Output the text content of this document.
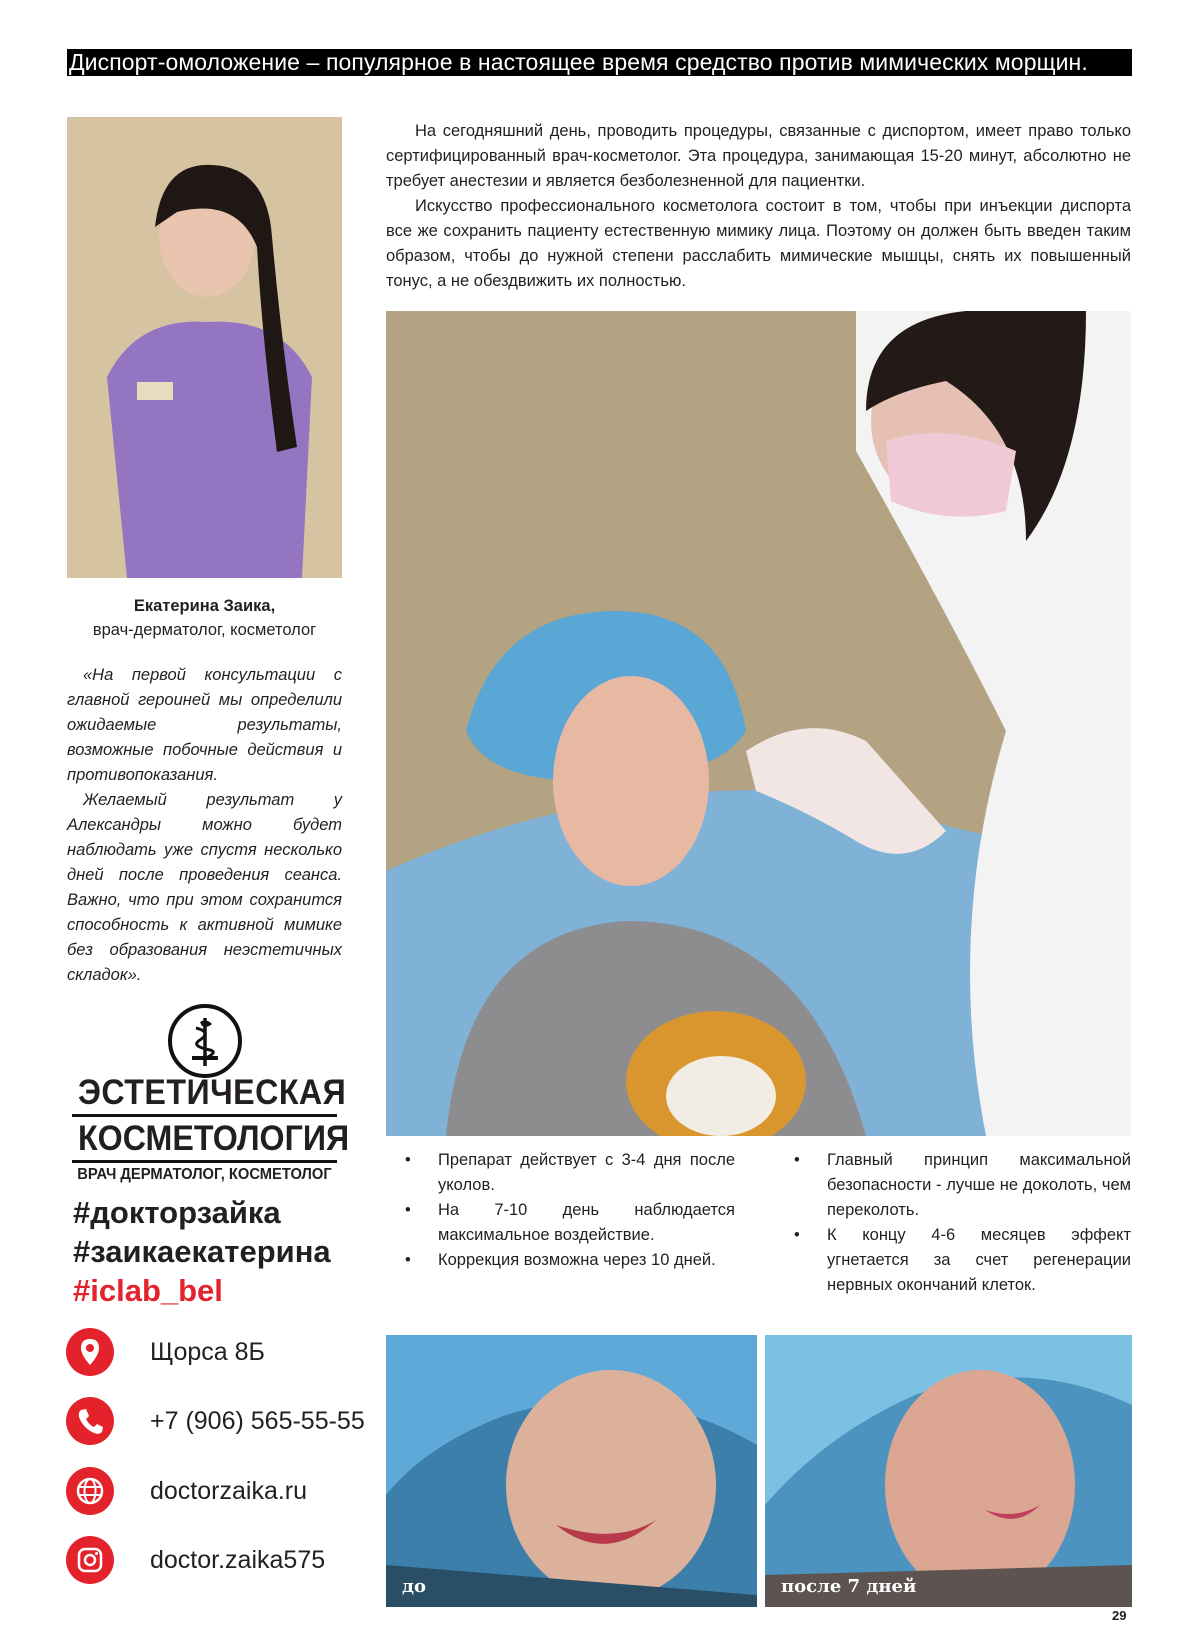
Диспорт-омоложение – популярное в настоящее время средство против мимических морщин.
Екатерина Заика,
врач-дерматолог, косметолог

«На первой консультации с главной героиней мы определили ожидаемые результаты, возможные побочные действия и противопоказания.

Желаемый результат у Александры можно будет наблюдать уже спустя несколько дней после проведения сеанса. Важно, что при этом сохранится способность к активной мимике без образования неэстетичных складок».

ЭСТЕТИЧЕСКАЯ
КОСМЕТОЛОГИЯ
ВРАЧ ДЕРМАТОЛОГ, КОСМЕТОЛОГ
#докторзайка
#заикаекатерина
#iclab_bel
Щорса 8Б
+7 (906) 565-55-55
doctorzaika.ru
doctor.zaika575

На сегодняшний день, проводить процедуры, связанные с диспортом, имеет право только сертифицированный врач-косметолог. Эта процедура, занимающая 15-20 минут, абсолютно не требует анестезии и является безболезненной для пациентки.

Искусство профессионального косметолога состоит в том, чтобы при инъекции диспорта все же сохранить пациенту естественную мимику лица. Поэтому он должен быть введен таким образом, чтобы до нужной степени расслабить мимические мышцы, снять их повышенный тонус, а не обездвижить их полностью.

• Препарат действует с 3-4 дня после уколов.
• На 7-10 день наблюдается максимальное воздействие.
• Коррекция возможна через 10 дней.
• Главный принцип максимальной безопасности - лучше не доколоть, чем переколоть.
• К концу 4-6 месяцев эффект угнетается за счет регенерации нервных окончаний клеток.
до	после 7 дней
29
